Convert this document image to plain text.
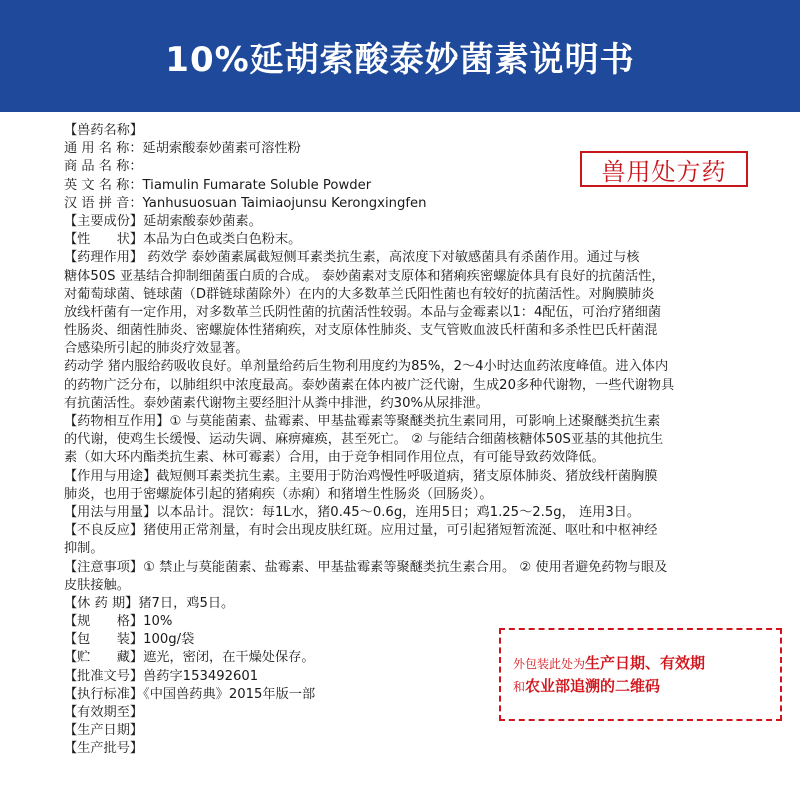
10%延胡索酸泰妙菌素说明书
【兽药名称】
通 用 名 称：延胡索酸泰妙菌素可溶性粉
商 品 名 称：
英 文 名 称：Tiamulin Fumarate Soluble Powder
汉 语 拼 音：Yanhusuosuan Taimiaojunsu Kerongxingfen
【主要成份】延胡索酸泰妙菌素。
【性　　状】本品为白色或类白色粉末。
【药理作用】 药效学 泰妙菌素属截短侧耳素类抗生素，高浓度下对敏感菌具有杀菌作用。通过与核
糖体50S 亚基结合抑制细菌蛋白质的合成。 泰妙菌素对支原体和猪痢疾密螺旋体具有良好的抗菌活性，
对葡萄球菌、链球菌（D群链球菌除外）在内的大多数革兰氏阳性菌也有较好的抗菌活性。对胸膜肺炎
放线杆菌有一定作用，对多数革兰氏阴性菌的抗菌活性较弱。本品与金霉素以1：4配伍，可治疗猪细菌
性肠炎、细菌性肺炎、密螺旋体性猪痢疾，对支原体性肺炎、支气管败血波氏杆菌和多杀性巴氏杆菌混
合感染所引起的肺炎疗效显著。
药动学 猪内服给药吸收良好。单剂量给药后生物利用度约为85%，2～4小时达血药浓度峰值。进入体内
的药物广泛分布，以肺组织中浓度最高。泰妙菌素在体内被广泛代谢，生成20多种代谢物，一些代谢物具
有抗菌活性。泰妙菌素代谢物主要经胆汁从粪中排泄，约30%从尿排泄。
【药物相互作用】① 与莫能菌素、盐霉素、甲基盐霉素等聚醚类抗生素同用，可影响上述聚醚类抗生素
的代谢，使鸡生长缓慢、运动失调、麻痹瘫痪，甚至死亡。 ② 与能结合细菌核糖体50S亚基的其他抗生
素（如大环内酯类抗生素、林可霉素）合用，由于竞争相同作用位点，有可能导致药效降低。
【作用与用途】截短侧耳素类抗生素。主要用于防治鸡慢性呼吸道病，猪支原体肺炎、猪放线杆菌胸膜
肺炎，也用于密螺旋体引起的猪痢疾（赤痢）和猪增生性肠炎（回肠炎）。
【用法与用量】以本品计。混饮：每1L水，猪0.45～0.6g，连用5日；鸡1.25～2.5g， 连用3日。
【不良反应】猪使用正常剂量，有时会出现皮肤红斑。应用过量，可引起猪短暂流涎、呕吐和中枢神经
抑制。
【注意事项】① 禁止与莫能菌素、盐霉素、甲基盐霉素等聚醚类抗生素合用。 ② 使用者避免药物与眼及
皮肤接触。
【休 药 期】猪7日，鸡5日。
【规　　格】10%
【包　　装】100g/袋
【贮　　藏】遮光，密闭，在干燥处保存。
【批准文号】兽药字153492601
【执行标准】《中国兽药典》2015年版一部
【有效期至】
【生产日期】
【生产批号】
兽用处方药
外包装此处为生产日期、有效期
和农业部追溯的二维码
